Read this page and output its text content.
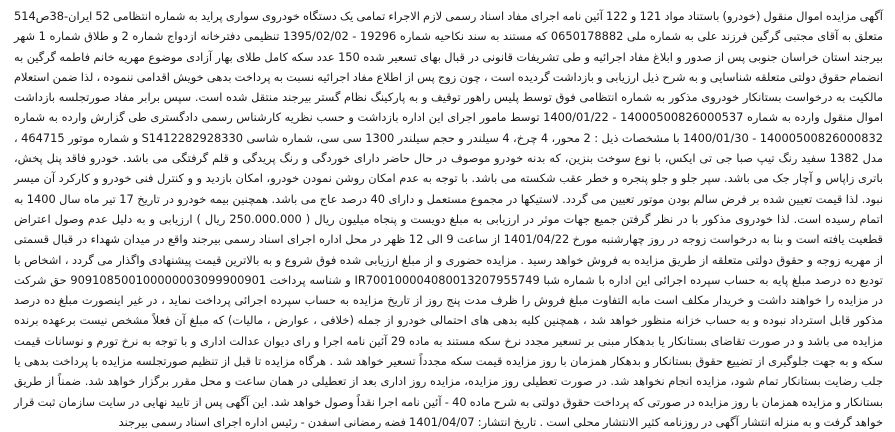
آگهی مزایده اموال منقول (خودرو) باستناد مواد 121 و 122 آئین نامه اجرای مفاد اسناد رسمی لازم الاجراء تمامی یک دستگاه خودروی سواری پراید به شماره انتظامی 52 ایران-38ص514 متعلق به آقای مجتبی گرگین فرزند علی به شماره ملی 0650178882 که مستند به سند نکاحیه شماره 19296 - 1395/02/02 تنظیمی دفترخانه ازدواج شماره 2 و طلاق شماره 1 شهر بیرجند استان خراسان جنوبی پس از صدور و ابلاغ مفاد اجرائیه و طی تشریفات قانونی در قبال بهای تسعیر شده 150 عدد سکه کامل طلای بهار آزادی موضوع مهریه خانم فاطمه گرگین به انضمام حقوق دولتی متعلقه شناسایی و به شرح ذیل ارزیابی و بازداشت گردیده است ، چون زوج پس از اطلاع مفاد اجرائیه نسبت به پرداخت بدهی خویش اقدامی ننموده ، لذا ضمن استعلام مالکیت به درخواست بستانکار خودروی مذکور به شماره انتظامی فوق توسط پلیس راهور توقیف و به پارکینگ نظام گستر بیرجند منتقل شده است. سپس برابر مفاد صورتجلسه بازداشت اموال منقول وارده به شماره 14000500826000537 - 1400/01/22 توسط مامور اجرای این اداره بازداشت و حسب نظریه کارشناس رسمی دادگستری طی گزارش وارده به شماره 14000500826000832 - 1400/01/30 با مشخصات ذیل : 2 محور، 4 چرخ، 4 سیلندر و حجم سیلندر 1300 سی سی، شماره شاسی S1412282928330 و شماره موتور 464715 ، مدل 1382 سفید رنگ تیپ صبا جی تی ایکس، با نوع سوخت بنزین، که بدنه خودرو موصوف در حال حاضر دارای خوردگی و رنگ پریدگی و قلم گرفتگی می باشد. خودرو فاقد پنل پخش، باتری زاپاس و آچار جک می باشد. سپر جلو و جلو پنجره و خطر عقب شکسته می باشد. با توجه به عدم امکان روشن نمودن خودرو، امکان بازدید و و کنترل فنی خودرو و کارکرد آن میسر نبود. لذا قیمت تعیین شده بر فرض سالم بودن موتور تعیین می گردد. لاستیکها در مجموع مستعمل و دارای 40 درصد عاج می باشد. همچنین بیمه خودرو در تاریخ 17 تیر ماه سال 1400 به اتمام رسیده است. لذا خودروی مذکور با در نظر گرفتن جمیع جهات موثر در ارزیابی به مبلغ دویست و پنجاه میلیون ریال ( 250.000.000 ریال ) ارزیابی و به دلیل عدم وصول اعتراض قطعیت یافته است و بنا به درخواست زوجه در روز چهارشنبه مورخ 1401/04/22 از ساعت 9 الی 12 ظهر در محل اداره اجرای اسناد رسمی بیرجند واقع در میدان شهداء در قبال قسمتی از مهریه زوجه و حقوق دولتی متعلقه از طریق مزایده به فروش خواهد رسید . مزایده حضوری و از مبلغ ارزیابی شده فوق شروع و به بالاترین قیمت پیشنهادی واگذار می گردد ، اشخاص با تودیع ده درصد مبلغ پایه به حساب سپرده اجرائی این اداره با شماره شبا IR700100004080013207955749 و شناسه پرداخت 909108500100000003099900901 حق شرکت در مزایده را خواهند داشت و خریدار مکلف است مابه التفاوت مبلغ فروش را ظرف مدت پنج روز از تاریخ مزایده به حساب سپرده اجرائی پرداخت نماید ، در غیر اینصورت مبلغ ده درصد مذکور قابل استرداد نبوده و به حساب خزانه منظور خواهد شد ، همچنین کلیه بدهی های احتمالی خودرو از جمله (خلافی ، عوارض ، مالیات) که مبلغ آن فعلاً مشخص نیست برعهده برنده مزایده می باشد و در صورت تقاضای بستانکار یا بدهکار مبنی بر تسعیر مجدد نرخ سکه مستند به ماده 29 آئین نامه اجرا و رای دیوان عدالت اداری و با توجه به نرخ تورم و نوسانات قیمت سکه و به جهت جلوگیری از تضییع حقوق بستانکار و بدهکار همزمان با روز مزایده قیمت سکه مجدداً تسعیر خواهد شد . هرگاه مزایده تا قبل از تنظیم صورتجلسه مزایده با پرداخت بدهی یا جلب رضایت بستانکار تمام شود، مزایده انجام نخواهد شد. در صورت تعطیلی روز مزایده، مزایده روز اداری بعد از تعطیلی در همان ساعت و محل مقرر برگزار خواهد شد. ضمناً از طریق بستانکار و مزایده همزمان با روز مزایده در صورتی که پرداخت حقوق دولتی به شرح ماده 40 - آئین نامه اجرا نقداً وصول خواهد شد. این آگهی پس از تایید نهایی در سایت سازمان ثبت قرار خواهد گرفت و به منزله انتشار آگهی در روزنامه کثیر الانتشار محلی است . تاریخ انتشار: 1401/04/07 فضه رمضانی اسفدن - رئیس اداره اجرای اسناد رسمی بیرجند
